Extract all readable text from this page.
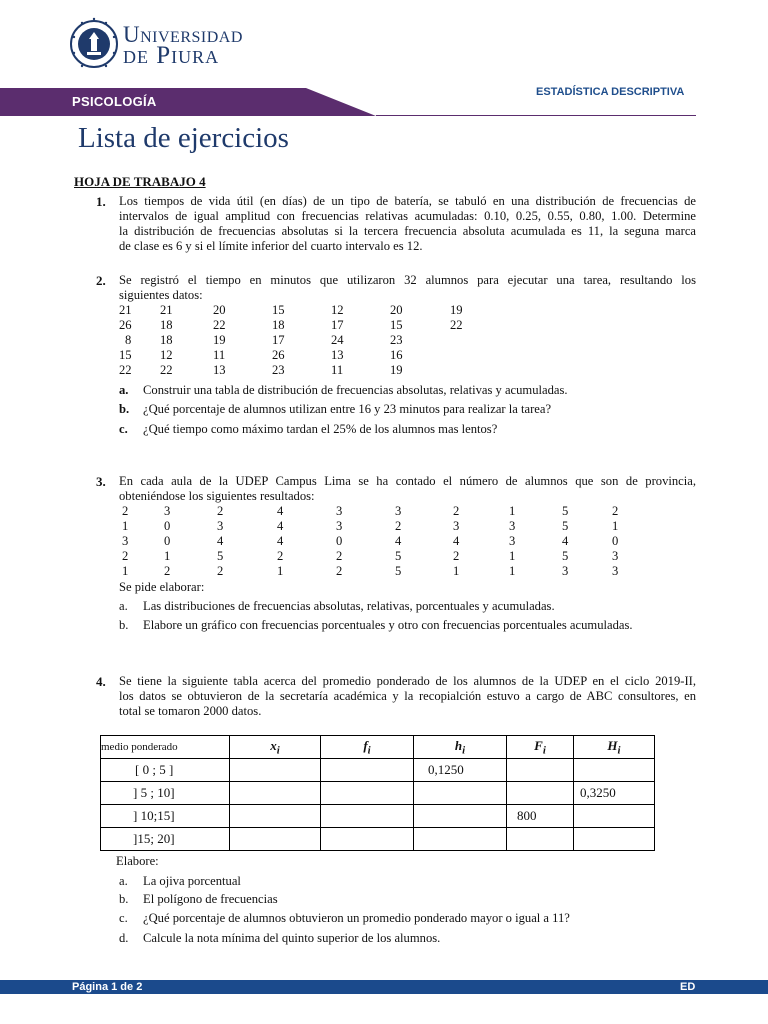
Universidad
de Piura
PSICOLOGÍA
ESTADÍSTICA DESCRIPTIVA
Lista de ejercicios
HOJA DE TRABAJO 4
1. Los tiempos de vida útil (en días) de un tipo de batería, se tabuló en una distribución de frecuencias de
intervalos de igual amplitud con frecuencias relativas acumuladas: 0.10, 0.25, 0.55, 0.80, 1.00. Determine
la distribución de frecuencias absolutas si la tercera frecuencia absoluta acumulada es 11, la seguna marca
de clase es 6 y si el límite inferior del cuarto intervalo es 12.
2. Se registró el tiempo en minutos que utilizaron 32 alumnos para ejecutar una tarea, resultando los
siguientes datos:
21 21	20	15	12	20	19
26 18	22	18	17	15	22
8 18	19	17	24	23
15 12	11	26	13	16
22 22	13	23	11	19
a. Construir una tabla de distribución de frecuencias absolutas, relativas y acumuladas.
b. ¿Qué porcentaje de alumnos utilizan entre 16 y 23 minutos para realizar la tarea?
c. ¿Qué tiempo como máximo tardan el 25% de los alumnos mas lentos?
3. En cada aula de la UDEP Campus Lima se ha contado el número de alumnos que son de provincia,
obteniéndose los siguientes resultados:
2	3	2	4	3	3	2	1	5	2
1	0	3	4	3	2	3	3	5	1
3	0	4	4	0	4	4	3	4	0
2	1	5	2	2	5	2	1	5	3
1	2	2	1	2	5	1	1	3	3
Se pide elaborar:
a. Las distribuciones de frecuencias absolutas, relativas, porcentuales y acumuladas.
b. Elabore un gráfico con frecuencias porcentuales y otro con frecuencias porcentuales acumuladas.
4. Se tiene la siguiente tabla acerca del promedio ponderado de los alumnos de la UDEP en el ciclo 2019-II,
los datos se obtuvieron de la secretaría académica y la recopialción estuvo a cargo de ABC consultores, en
total se tomaron 2000 datos.
medio ponderado	$x_i$	$f_i$	$h_i$	$F_i$	$H_i$
[ 0 ; 5 ]			0,1250		
] 5 ; 10]					0,3250
] 10;15]				800	
]15; 20]					
Elabore:
a. La ojiva porcentual
b. El polígono de frecuencias
c. ¿Qué porcentaje de alumnos obtuvieron un promedio ponderado mayor o igual a 11?
d. Calcule la nota mínima del quinto superior de los alumnos.
Página 1 de 2	ED
